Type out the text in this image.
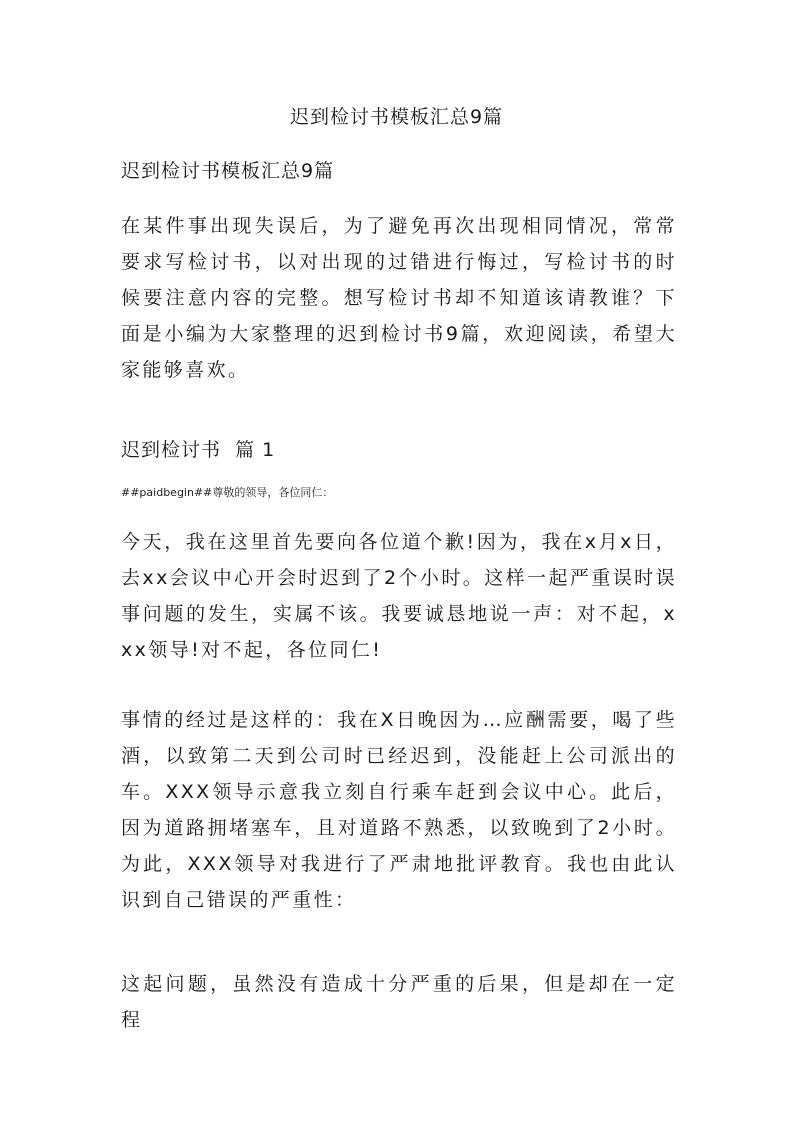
迟到检讨书模板汇总9篇
迟到检讨书模板汇总9篇

在某件事出现失误后，为了避免再次出现相同情况，常常要求写检讨书，以对出现的过错进行悔过，写检讨书的时候要注意内容的完整。想写检讨书却不知道该请教谁？下面是小编为大家整理的迟到检讨书9篇，欢迎阅读，希望大家能够喜欢。

迟到检讨书  篇 1
##paidbegin##尊敬的领导，各位同仁：

今天，我在这里首先要向各位道个歉!因为，我在x月x日，去xx会议中心开会时迟到了2个小时。这样一起严重误时误事问题的发生，实属不该。我要诚恳地说一声：对不起，xxx领导!对不起，各位同仁!

事情的经过是这样的：我在X日晚因为…应酬需要，喝了些酒，以致第二天到公司时已经迟到，没能赶上公司派出的车。XXX领导示意我立刻自行乘车赶到会议中心。此后，因为道路拥堵塞车，且对道路不熟悉，以致晚到了2小时。为此，XXX领导对我进行了严肃地批评教育。我也由此认识到自己错误的严重性：

这起问题，虽然没有造成十分严重的后果，但是却在一定程
